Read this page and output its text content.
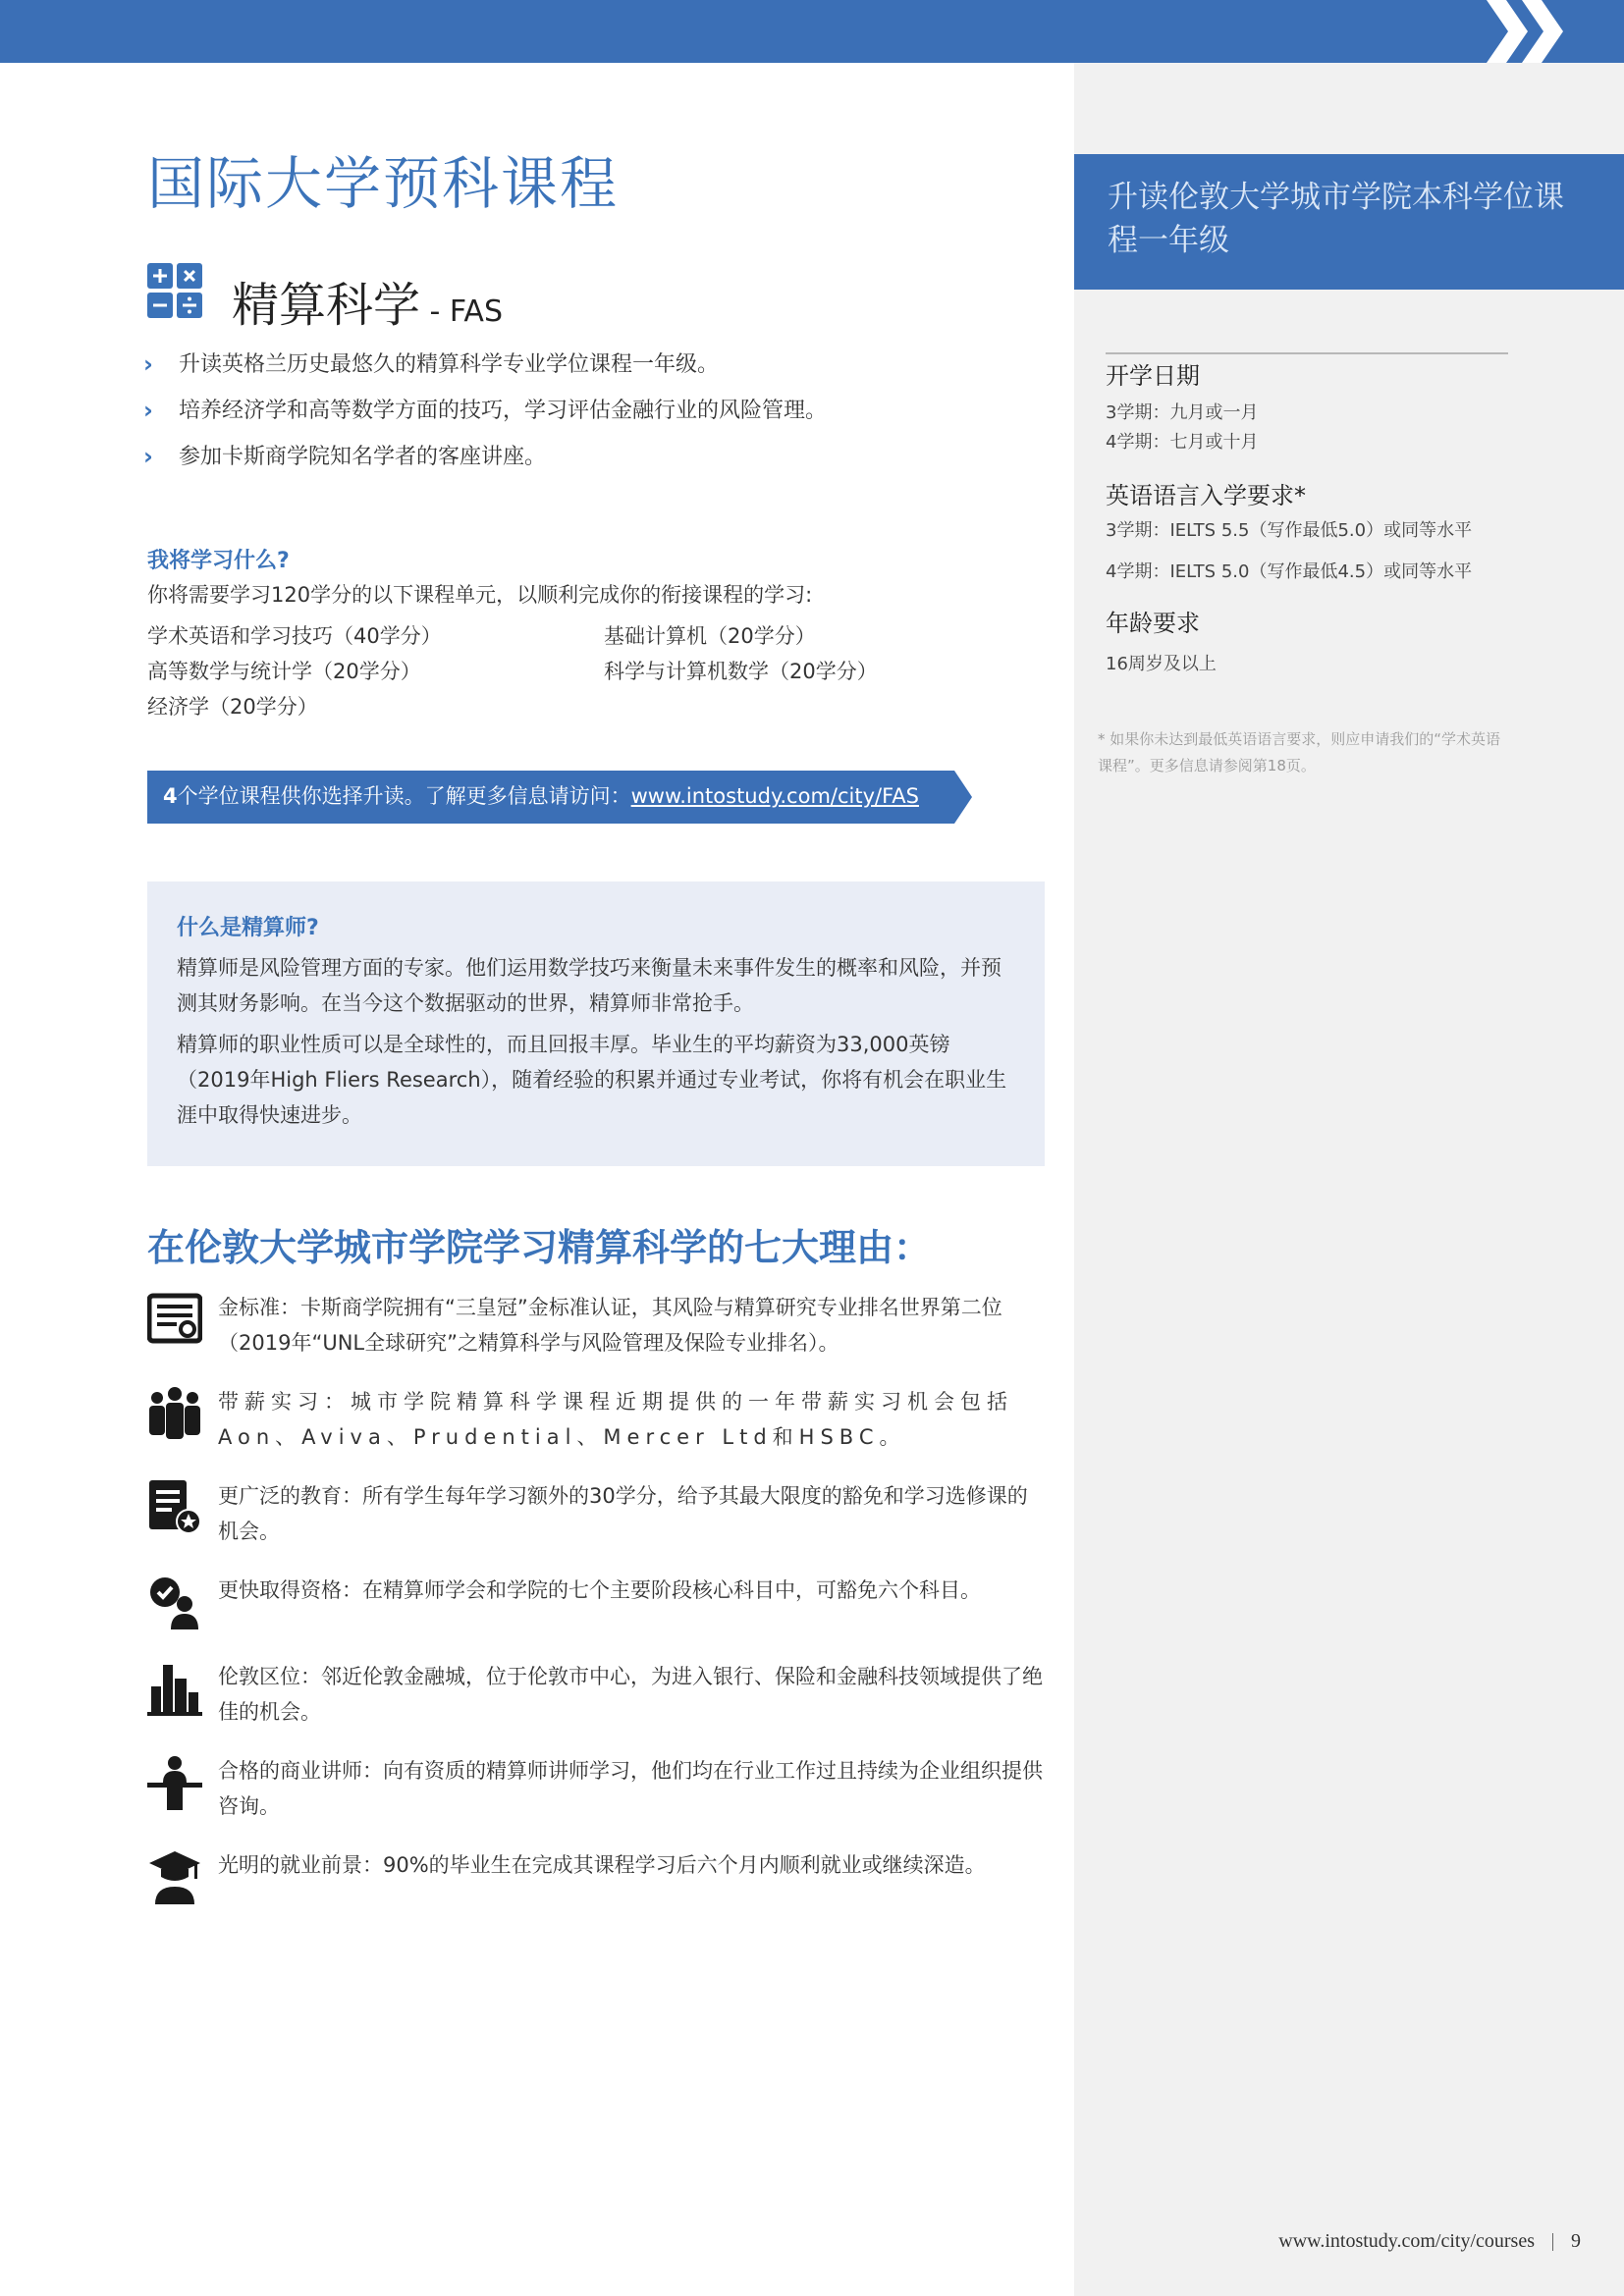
升读伦敦大学城市学院本科学位课程一年级
开学日期
3学期：九月或一月
4学期：七月或十月
英语语言入学要求*
3学期：IELTS 5.5（写作最低5.0）或同等水平
4学期：IELTS 5.0（写作最低4.5）或同等水平
年龄要求
16周岁及以上
* 如果你未达到最低英语语言要求，则应申请我们的“学术英语课程”。更多信息请参阅第18页。
国际大学预科课程
精算科学 - FAS
› 升读英格兰历史最悠久的精算科学专业学位课程一年级。
› 培养经济学和高等数学方面的技巧，学习评估金融行业的风险管理。
› 参加卡斯商学院知名学者的客座讲座。
我将学习什么?
你将需要学习120学分的以下课程单元，以顺利完成你的衔接课程的学习:
学术英语和学习技巧（40学分）	基础计算机（20学分）
高等数学与统计学（20学分）	科学与计算机数学（20学分）
经济学（20学分）
4个学位课程供你选择升读。了解更多信息请访问：www.intostudy.com/city/FAS
什么是精算师?
精算师是风险管理方面的专家。他们运用数学技巧来衡量未来事件发生的概率和风险，并预测其财务影响。在当今这个数据驱动的世界，精算师非常抢手。
精算师的职业性质可以是全球性的，而且回报丰厚。毕业生的平均薪资为33,000英镑（2019年High Fliers Research），随着经验的积累并通过专业考试，你将有机会在职业生涯中取得快速进步。
在伦敦大学城市学院学习精算科学的七大理由：
金标准：卡斯商学院拥有“三皇冠”金标准认证，其风险与精算研究专业排名世界第二位（2019年“UNL全球研究”之精算科学与风险管理及保险专业排名）。
带薪实习：城市学院精算科学课程近期提供的一年带薪实习机会包括Aon、Aviva、Prudential、Mercer Ltd和HSBC。
更广泛的教育：所有学生每年学习额外的30学分，给予其最大限度的豁免和学习选修课的机会。
更快取得资格：在精算师学会和学院的七个主要阶段核心科目中，可豁免六个科目。
伦敦区位：邻近伦敦金融城，位于伦敦市中心，为进入银行、保险和金融科技领域提供了绝佳的机会。
合格的商业讲师：向有资质的精算师讲师学习，他们均在行业工作过且持续为企业组织提供咨询。
光明的就业前景：90%的毕业生在完成其课程学习后六个月内顺利就业或继续深造。
www.intostudy.com/city/courses 9
